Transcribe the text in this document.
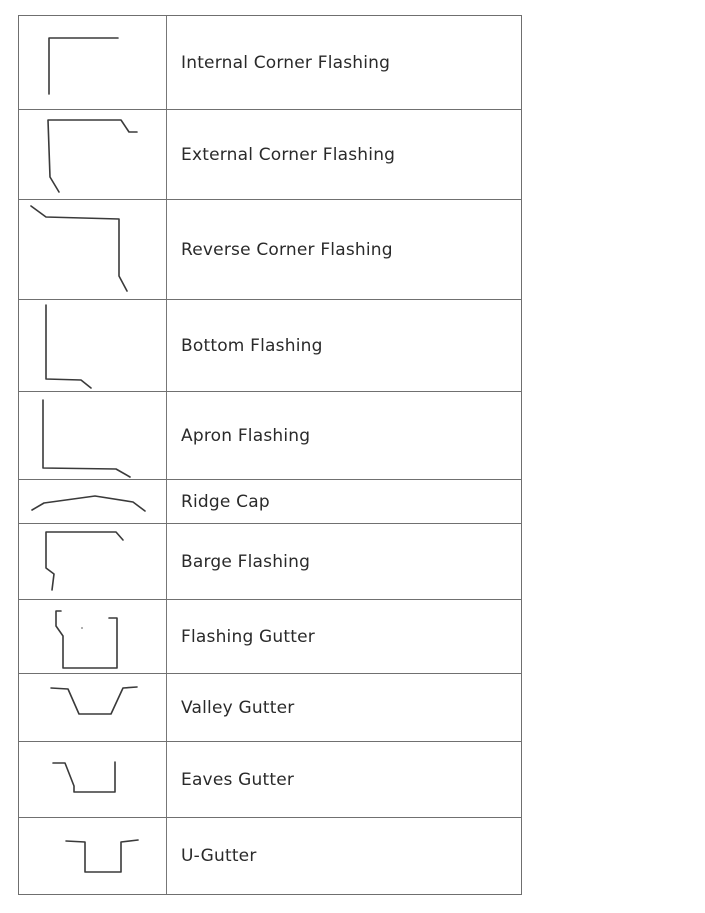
Internal Corner Flashing
External Corner Flashing
Reverse Corner Flashing
Bottom Flashing
Apron Flashing
Ridge Cap
Barge Flashing
Flashing Gutter
Valley Gutter
Eaves Gutter
U-Gutter
